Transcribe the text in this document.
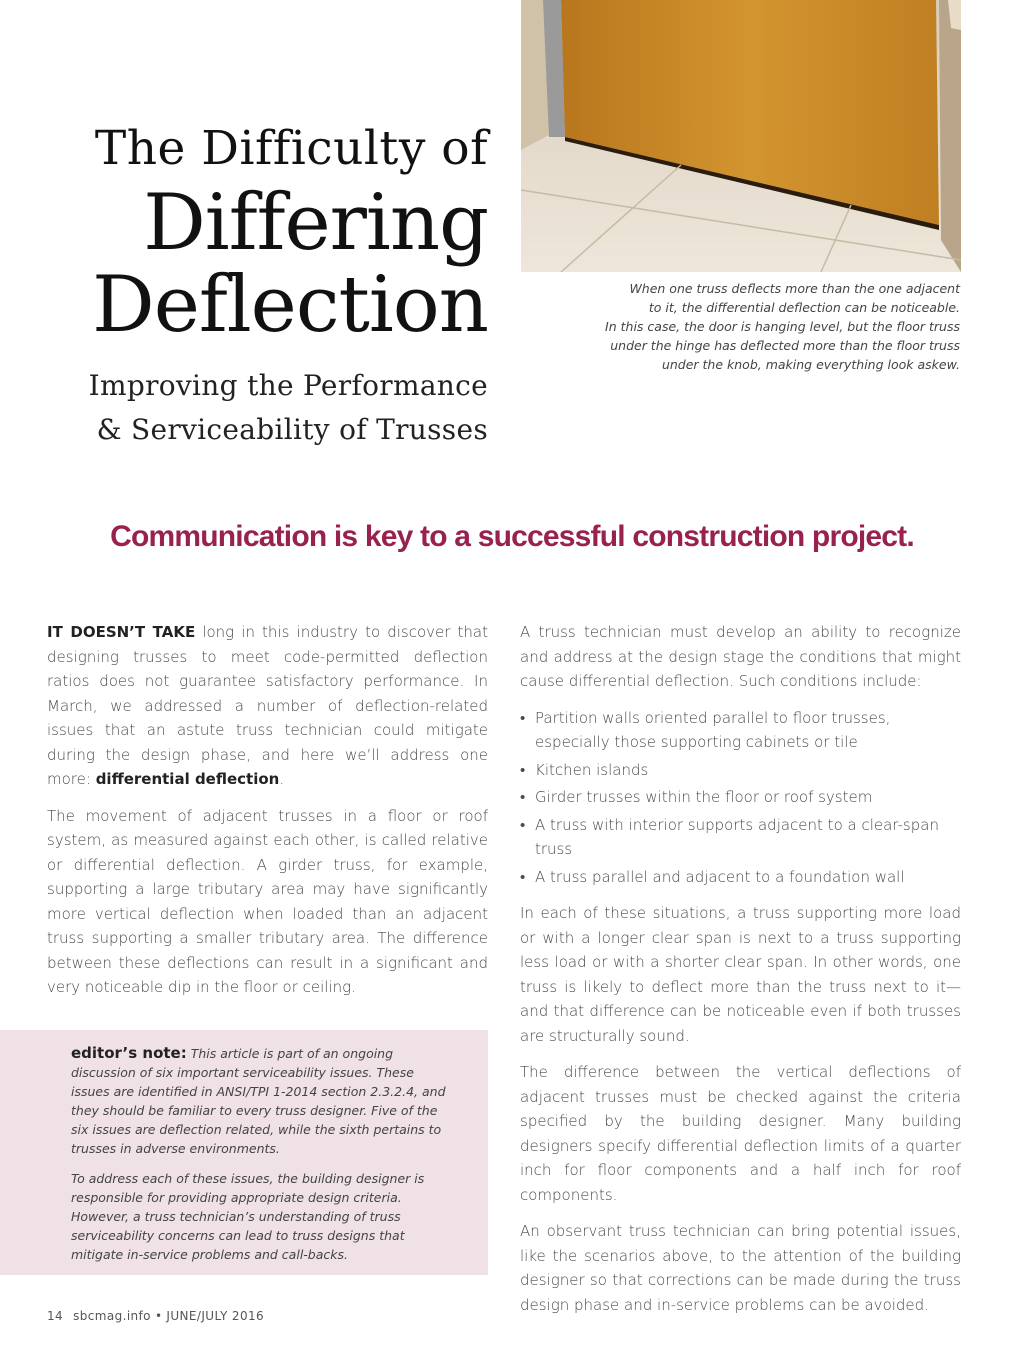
The Difficulty of
Differing
Deflection
Improving the Performance
& Serviceability of Trusses

When one truss deflects more than the one adjacent

to it, the differential deflection can be noticeable.

In this case, the door is hanging level, but the floor truss

under the hinge has deflected more than the floor truss

under the knob, making everything look askew.

Communication is key to a successful construction project.

IT DOESN’T TAKE long in this industry to discover that designing trusses to meet code-permitted deflection ratios does not guarantee satisfactory performance. In March, we addressed a number of deflection-related issues that an astute truss technician could mitigate during the design phase, and here we’ll address one more: differential deflection.

The movement of adjacent trusses in a floor or roof system, as measured against each other, is called relative or differential deflection. A girder truss, for example, supporting a large tributary area may have significantly more vertical deflection when loaded than an adjacent truss supporting a smaller tributary area. The difference between these deflections can result in a significant and very noticeable dip in the floor or ceiling.

A truss technician must develop an ability to recognize and address at the design stage the conditions that might cause differential deflection. Such conditions include:

• Partition walls oriented parallel to floor trusses, especially those supporting cabinets or tile
• Kitchen islands
• Girder trusses within the floor or roof system
• A truss with interior supports adjacent to a clear-span truss
• A truss parallel and adjacent to a foundation wall

In each of these situations, a truss supporting more load or with a longer clear span is next to a truss supporting less load or with a shorter clear span. In other words, one truss is likely to deflect more than the truss next to it—and that difference can be noticeable even if both trusses are structurally sound.

The difference between the vertical deflections of adjacent trusses must be checked against the criteria specified by the building designer. Many building designers specify differential deflection limits of a quarter inch for floor components and a half inch for roof components.

An observant truss technician can bring potential issues, like the scenarios above, to the attention of the building designer so that corrections can be made during the truss design phase and in-service problems can be avoided.

editor’s note: This article is part of an ongoing discussion of six important serviceability issues. These issues are identified in ANSI/TPI 1-2014 section 2.3.2.4, and they should be familiar to every truss designer. Five of the six issues are deflection related, while the sixth pertains to trusses in adverse environments.

To address each of these issues, the building designer is responsible for providing appropriate design criteria. However, a truss technician’s understanding of truss serviceability concerns can lead to truss designs that mitigate in-service problems and call-backs.

14 sbcmag.info • JUNE/JULY 2016
